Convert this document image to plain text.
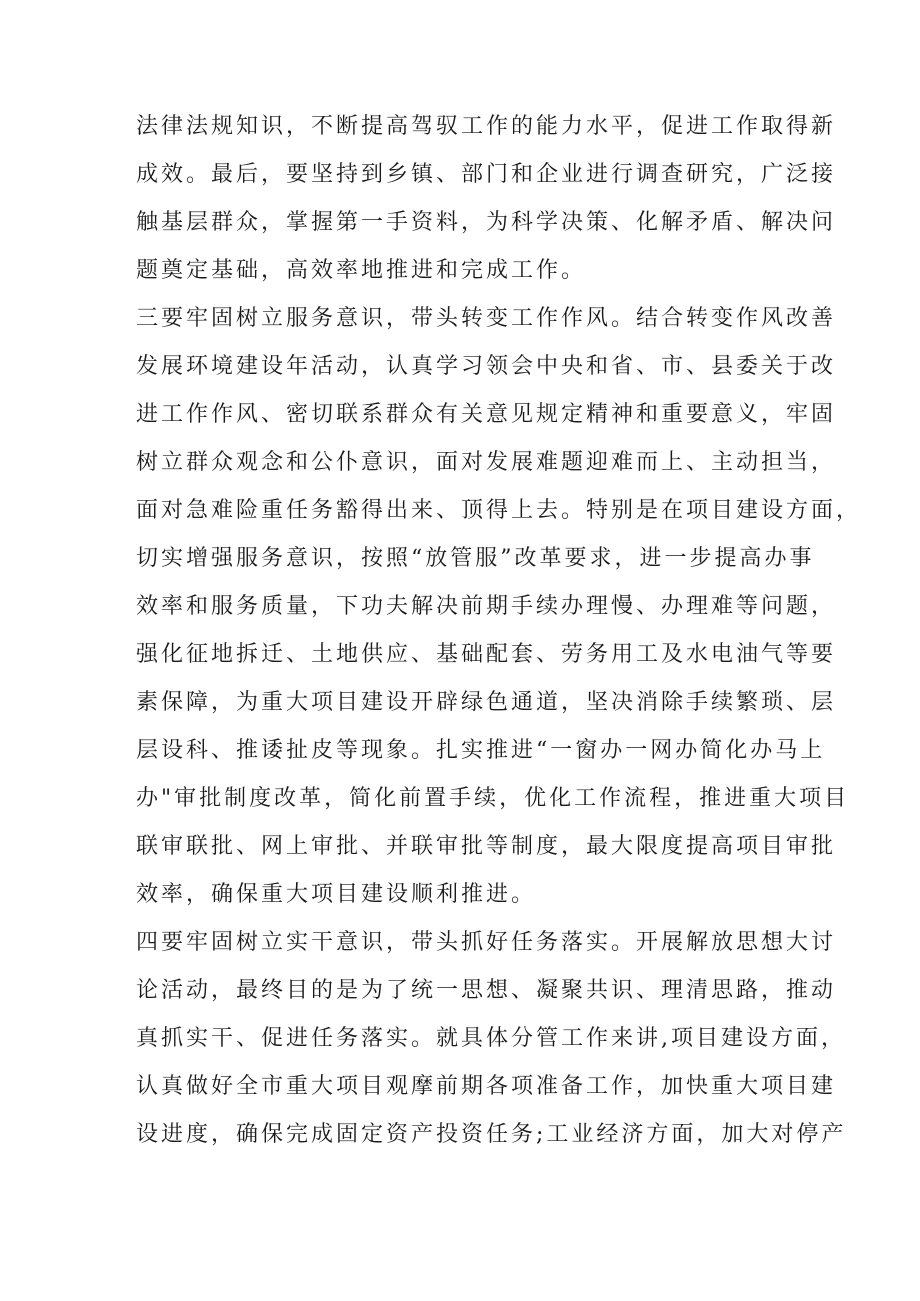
法律法规知识，不断提高驾驭工作的能力水平，促进工作取得新
成效。最后，要坚持到乡镇、部门和企业进行调查研究，广泛接
触基层群众，掌握第一手资料，为科学决策、化解矛盾、解决问
题奠定基础，高效率地推进和完成工作。
三要牢固树立服务意识，带头转变工作作风。结合转变作风改善
发展环境建设年活动，认真学习领会中央和省、市、县委关于改
进工作作风、密切联系群众有关意见规定精神和重要意义，牢固
树立群众观念和公仆意识，面对发展难题迎难而上、主动担当，
面对急难险重任务豁得出来、顶得上去。特别是在项目建设方面，
切实增强服务意识，按照“放管服”改革要求，进一步提高办事
效率和服务质量，下功夫解决前期手续办理慢、办理难等问题，
强化征地拆迁、土地供应、基础配套、劳务用工及水电油气等要
素保障，为重大项目建设开辟绿色通道，坚决消除手续繁琐、层
层设科、推诿扯皮等现象。扎实推进“一窗办一网办简化办马上
办"审批制度改革，简化前置手续，优化工作流程，推进重大项目
联审联批、网上审批、并联审批等制度，最大限度提高项目审批
效率，确保重大项目建设顺利推进。
四要牢固树立实干意识，带头抓好任务落实。开展解放思想大讨
论活动，最终目的是为了统一思想、凝聚共识、理清思路，推动
真抓实干、促进任务落实。就具体分管工作来讲,项目建设方面，
认真做好全市重大项目观摩前期各项准备工作，加快重大项目建
设进度，确保完成固定资产投资任务;工业经济方面，加大对停产
